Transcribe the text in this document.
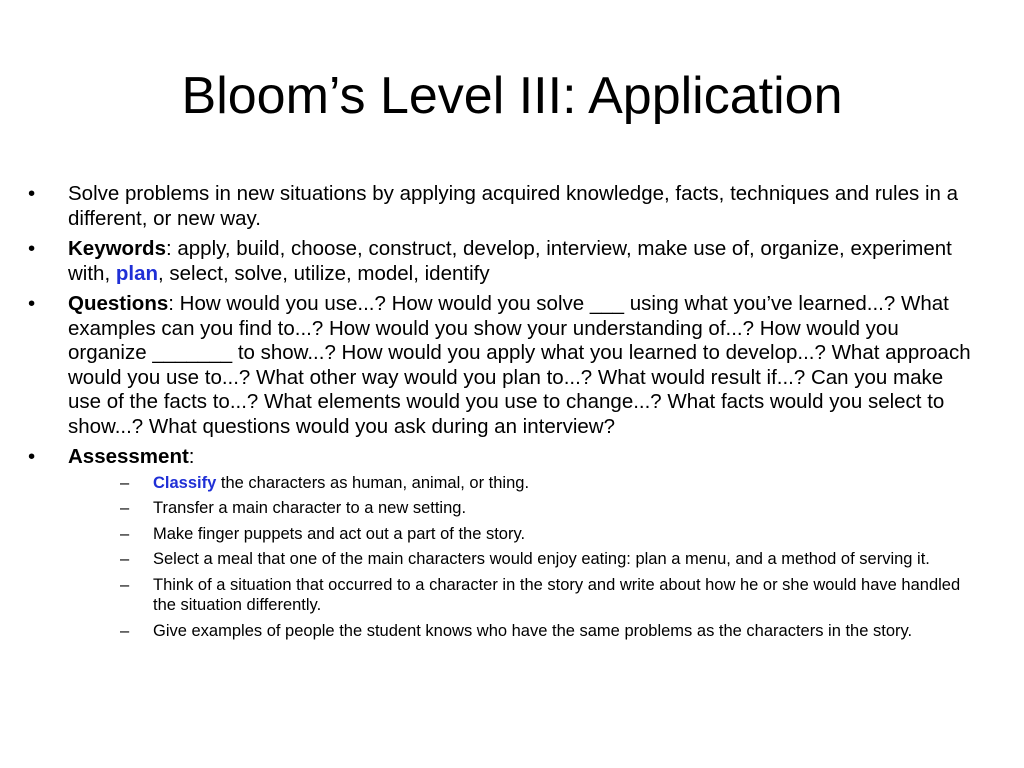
Bloom’s Level III: Application
•	Solve problems in new situations by applying acquired knowledge, facts, techniques and rules in a different, or new way.
•	Keywords: apply, build, choose, construct, develop, interview, make use of, organize, experiment with, plan, select, solve, utilize, model, identify
•	Questions: How would you use...? How would you solve ___ using what you’ve learned...? What examples can you find to...? How would you show your understanding of...? How would you organize _______ to show...? How would you apply what you learned to develop...? What approach would you use to...? What other way would you plan to...? What would result if...? Can you make use of the facts to...? What elements would you use to change...? What facts would you select to show...? What questions would you ask during an interview?
•	Assessment:
– Classify the characters as human, animal, or thing.
– Transfer a main character to a new setting.
– Make finger puppets and act out a part of the story.
– Select a meal that one of the main characters would enjoy eating: plan a menu, and a method of serving it.
– Think of a situation that occurred to a character in the story and write about how he or she would have handled the situation differently.
– Give examples of people the student knows who have the same problems as the characters in the story.
